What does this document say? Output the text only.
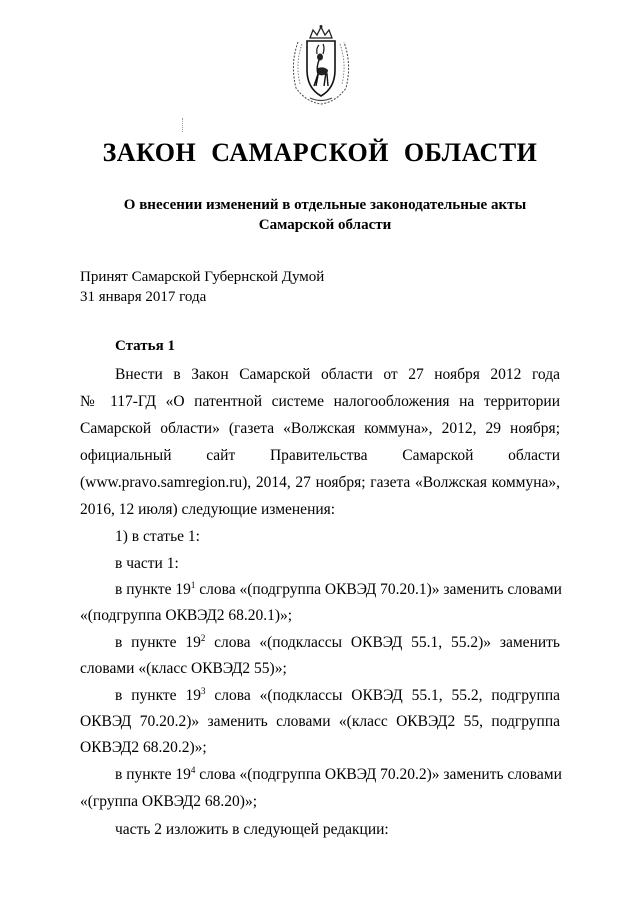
ЗАКОН САМАРСКОЙ ОБЛАСТИ
О внесении изменений в отдельные законодательные акты
Самарской области
Принят Самарской Губернской Думой
31 января 2017 года
Статья 1
Внести в Закон Самарской области от 27 ноября 2012 года
№ 117-ГД «О патентной системе налогообложения на территории
Самарской области» (газета «Волжская коммуна», 2012, 29 ноября;
официальный сайт Правительства Самарской области
(www.pravo.samregion.ru), 2014, 27 ноября; газета «Волжская коммуна»,
2016, 12 июля) следующие изменения:
1) в статье 1:
в части 1:
в пункте $19^1$ слова «(подгруппа ОКВЭД 70.20.1)» заменить словами
«(подгруппа ОКВЭД2 68.20.1)»;
в пункте $19^2$ слова «(подклассы ОКВЭД 55.1, 55.2)» заменить
словами «(класс ОКВЭД2 55)»;
в пункте $19^3$ слова «(подклассы ОКВЭД 55.1, 55.2, подгруппа
ОКВЭД 70.20.2)» заменить словами «(класс ОКВЭД2 55, подгруппа
ОКВЭД2 68.20.2)»;
в пункте $19^4$ слова «(подгруппа ОКВЭД 70.20.2)» заменить словами
«(группа ОКВЭД2 68.20)»;
часть 2 изложить в следующей редакции:
